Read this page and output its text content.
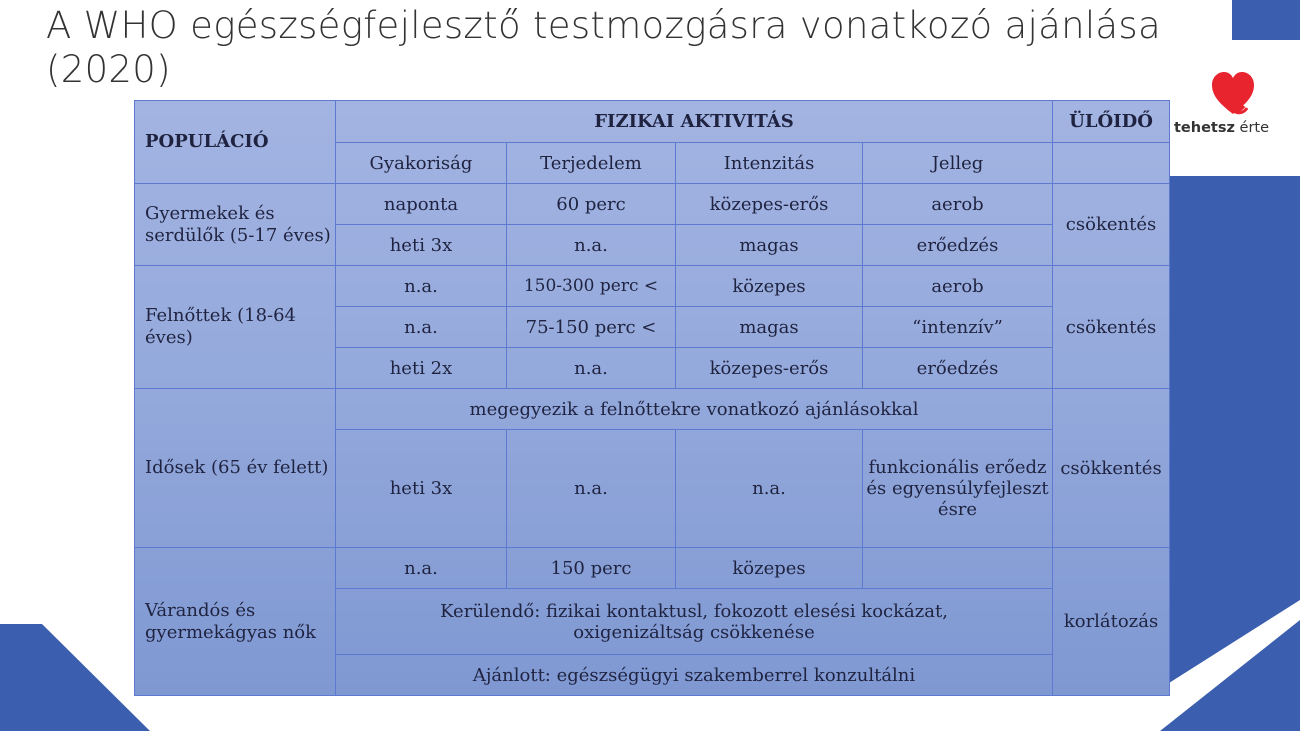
A WHO egészségfejlesztő testmozgásra vonatkozó ajánlása (2020)
tehetsz érte
POPULÁCIÓ	FIZIKAI AKTIVITÁS				ÜLŐIDŐ
	Gyakoriság	Terjedelem	Intenzitás	Jelleg	
Gyermekek és serdülők (5-17 éves)	naponta	60 perc	közepes-erős	aerob	csökentés
	heti 3x	n.a.	magas	erőedzés	
Felnőttek (18-64 éves)	n.a.	150-300 perc <	közepes	aerob	csökentés
	n.a.	75-150 perc <	magas	“intenzív”	
	heti 2x	n.a.	közepes-erős	erőedzés	
Idősek (65 év felett)	megegyezik a felnőttekre vonatkozó ajánlásokkal				csökkentés
	heti 3x	n.a.	n.a.	funkcionális erőedzés egyensúlyfejlesztésre	
Várandós és gyermekágyas nők	n.a.	150 perc	közepes		korlátozás
	Kerülendő: fizikai kontaktusl, fokozott elesési kockázat, oxigenizáltság csökkenése				
	Ajánlott: egészségügyi szakemberrel konzultálni				
